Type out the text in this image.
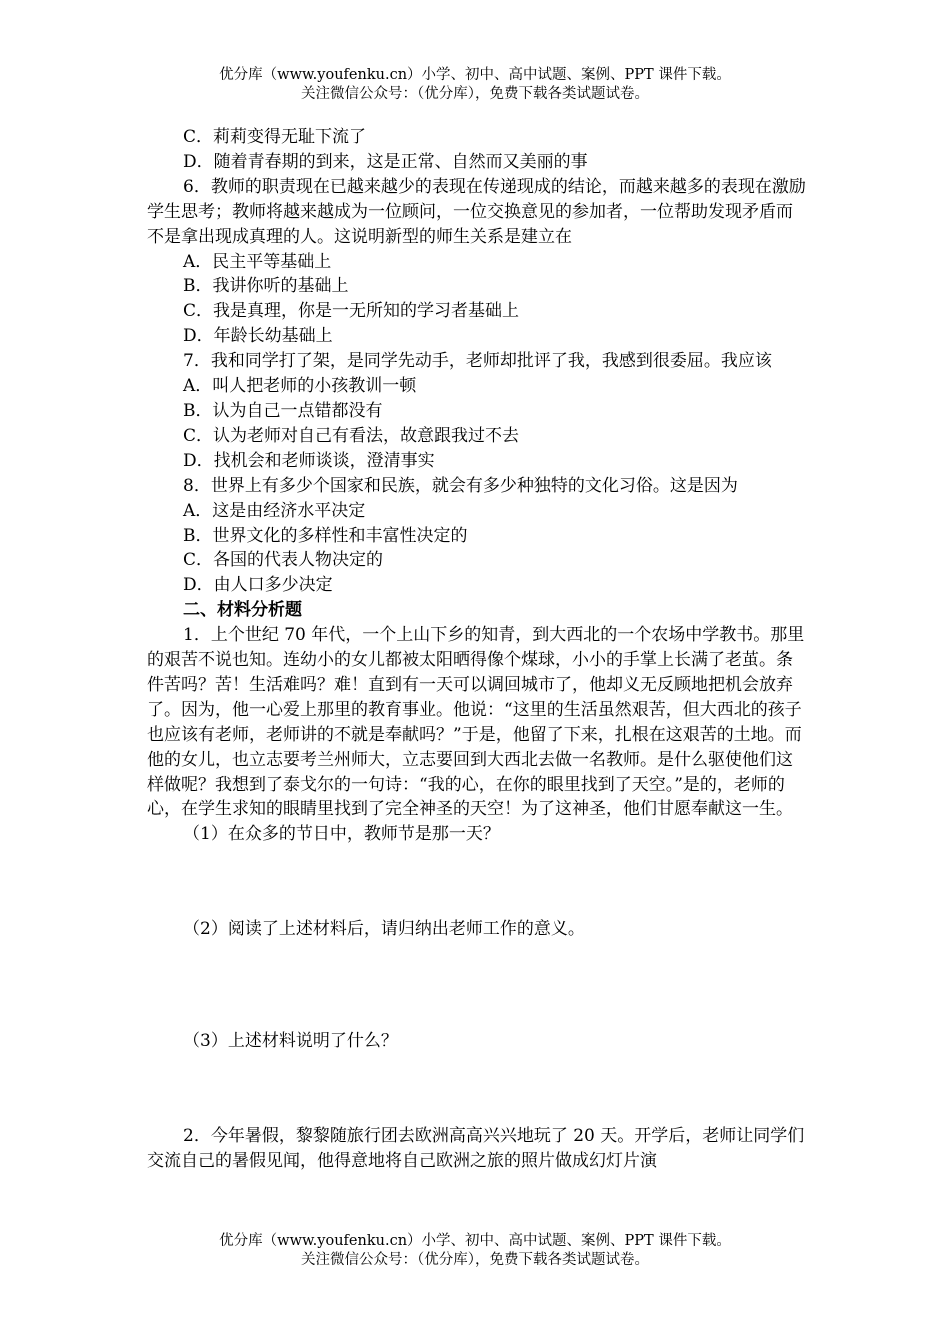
优分库（www.youfenku.cn）小学、初中、高中试题、案例、PPT 课件下载。
关注微信公众号：（优分库），免费下载各类试题试卷。

C．莉莉变得无耻下流了

D．随着青春期的到来，这是正常、自然而又美丽的事

6．教师的职责现在已越来越少的表现在传递现成的结论，而越来越多的表现在激励学生思考；教师将越来越成为一位顾问，一位交换意见的参加者，一位帮助发现矛盾而不是拿出现成真理的人。这说明新型的师生关系是建立在

A．民主平等基础上

B．我讲你听的基础上

C．我是真理，你是一无所知的学习者基础上

D．年龄长幼基础上

7．我和同学打了架，是同学先动手，老师却批评了我，我感到很委屈。我应该

A．叫人把老师的小孩教训一顿

B．认为自己一点错都没有

C．认为老师对自己有看法，故意跟我过不去

D．找机会和老师谈谈，澄清事实

8．世界上有多少个国家和民族，就会有多少种独特的文化习俗。这是因为

A．这是由经济水平决定

B．世界文化的多样性和丰富性决定的

C．各国的代表人物决定的

D．由人口多少决定

二、材料分析题

1．上个世纪 70 年代，一个上山下乡的知青，到大西北的一个农场中学教书。那里的艰苦不说也知。连幼小的女儿都被太阳晒得像个煤球，小小的手掌上长满了老茧。条件苦吗？苦！生活难吗？难！直到有一天可以调回城市了，他却义无反顾地把机会放弃了。因为，他一心爱上那里的教育事业。他说：“这里的生活虽然艰苦，但大西北的孩子也应该有老师，老师讲的不就是奉献吗？”于是，他留了下来，扎根在这艰苦的土地。而他的女儿，也立志要考兰州师大，立志要回到大西北去做一名教师。是什么驱使他们这样做呢？我想到了泰戈尔的一句诗：“我的心，在你的眼里找到了天空。”是的，老师的心，在学生求知的眼睛里找到了完全神圣的天空！为了这神圣，他们甘愿奉献这一生。

（1）在众多的节日中，教师节是那一天？

（2）阅读了上述材料后，请归纳出老师工作的意义。

（3）上述材料说明了什么？

2．今年暑假，黎黎随旅行团去欧洲高高兴兴地玩了 20 天。开学后，老师让同学们交流自己的暑假见闻，他得意地将自己欧洲之旅的照片做成幻灯片演

优分库（www.youfenku.cn）小学、初中、高中试题、案例、PPT 课件下载。
关注微信公众号：（优分库），免费下载各类试题试卷。
